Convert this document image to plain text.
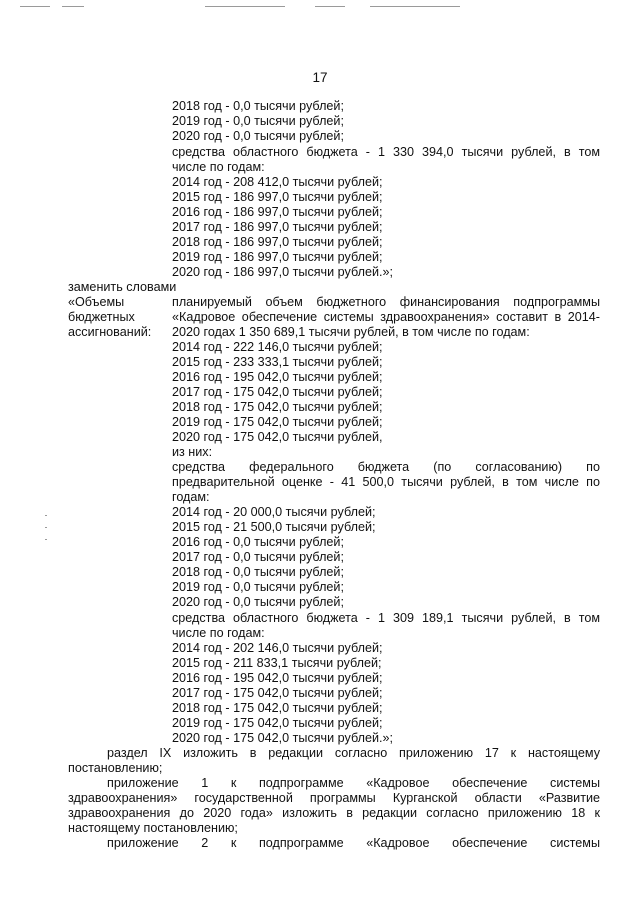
17
2018 год - 0,0 тысячи рублей;
2019 год - 0,0 тысячи рублей;
2020 год - 0,0 тысячи рублей;
средства областного бюджета - 1 330 394,0 тысячи рублей, в том
числе по годам:
2014 год - 208 412,0 тысячи рублей;
2015 год - 186 997,0 тысячи рублей;
2016 год - 186 997,0 тысячи рублей;
2017 год - 186 997,0 тысячи рублей;
2018 год - 186 997,0 тысячи рублей;
2019 год - 186 997,0 тысячи рублей;
2020 год - 186 997,0 тысячи рублей.»;
заменить словами
«Объемы
бюджетных
ассигнований:
планируемый объем бюджетного финансирования подпрограммы
«Кадровое обеспечение системы здравоохранения» составит в 2014-
2020 годах 1 350 689,1 тысячи рублей, в том числе по годам:
2014 год - 222 146,0 тысячи рублей;
2015 год - 233 333,1 тысячи рублей;
2016 год - 195 042,0 тысячи рублей;
2017 год - 175 042,0 тысячи рублей;
2018 год - 175 042,0 тысячи рублей;
2019 год - 175 042,0 тысячи рублей;
2020 год - 175 042,0 тысячи рублей,
из них:
средства федерального бюджета (по согласованию) по
предварительной оценке - 41 500,0 тысячи рублей, в том числе по
годам:
2014 год - 20 000,0 тысячи рублей;
2015 год - 21 500,0 тысячи рублей;
2016 год - 0,0 тысячи рублей;
2017 год - 0,0 тысячи рублей;
2018 год - 0,0 тысячи рублей;
2019 год - 0,0 тысячи рублей;
2020 год - 0,0 тысячи рублей;
средства областного бюджета - 1 309 189,1 тысячи рублей, в том
числе по годам:
2014 год - 202 146,0 тысячи рублей;
2015 год - 211 833,1 тысячи рублей;
2016 год - 195 042,0 тысячи рублей;
2017 год - 175 042,0 тысячи рублей;
2018 год - 175 042,0 тысячи рублей;
2019 год - 175 042,0 тысячи рублей;
2020 год - 175 042,0 тысячи рублей.»;
раздел IX изложить в редакции согласно приложению 17 к настоящему
постановлению;
приложение 1 к подпрограмме «Кадровое обеспечение системы
здравоохранения» государственной программы Курганской области «Развитие
здравоохранения до 2020 года» изложить в редакции согласно приложению 18 к
настоящему постановлению;
приложение 2 к подпрограмме «Кадровое обеспечение системы
